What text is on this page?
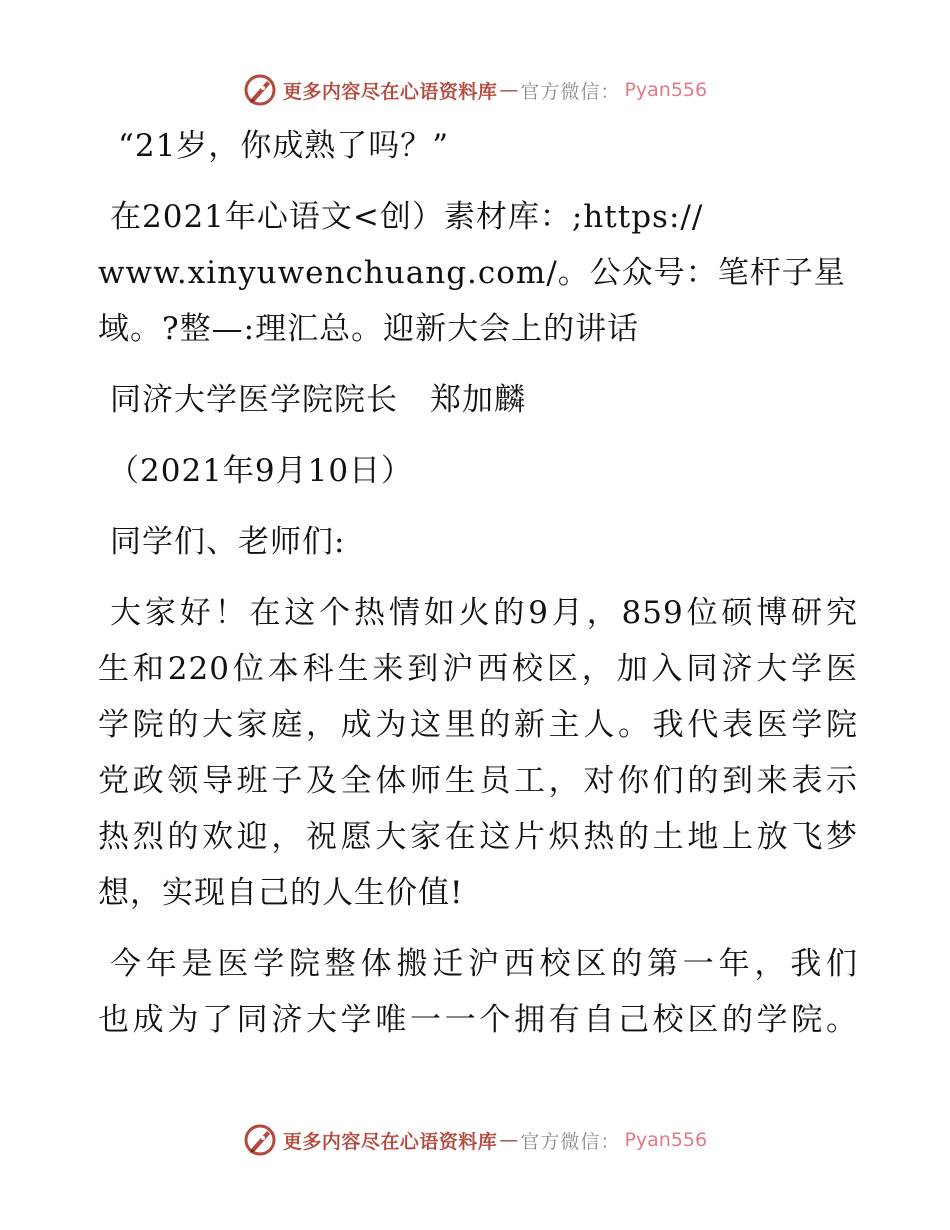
更多内容尽在心语资料库 — 官方微信： Pyan556
“21岁，你成熟了吗？”
在2021年心语文<创）素材库：;https://
www.xinyuwenchuang.com/。公众号：笔杆子星
域。?整—:理汇总。迎新大会上的讲话
同济大学医学院院长　郑加麟
（2021年9月10日）
同学们、老师们:
大家好！在这个热情如火的9月，859位硕博研究
生和220位本科生来到沪西校区，加入同济大学医
学院的大家庭，成为这里的新主人。我代表医学院
党政领导班子及全体师生员工，对你们的到来表示
热烈的欢迎，祝愿大家在这片炽热的土地上放飞梦
想，实现自己的人生价值!
今年是医学院整体搬迁沪西校区的第一年，我们
也成为了同济大学唯一一个拥有自己校区的学院。
更多内容尽在心语资料库 — 官方微信： Pyan556
